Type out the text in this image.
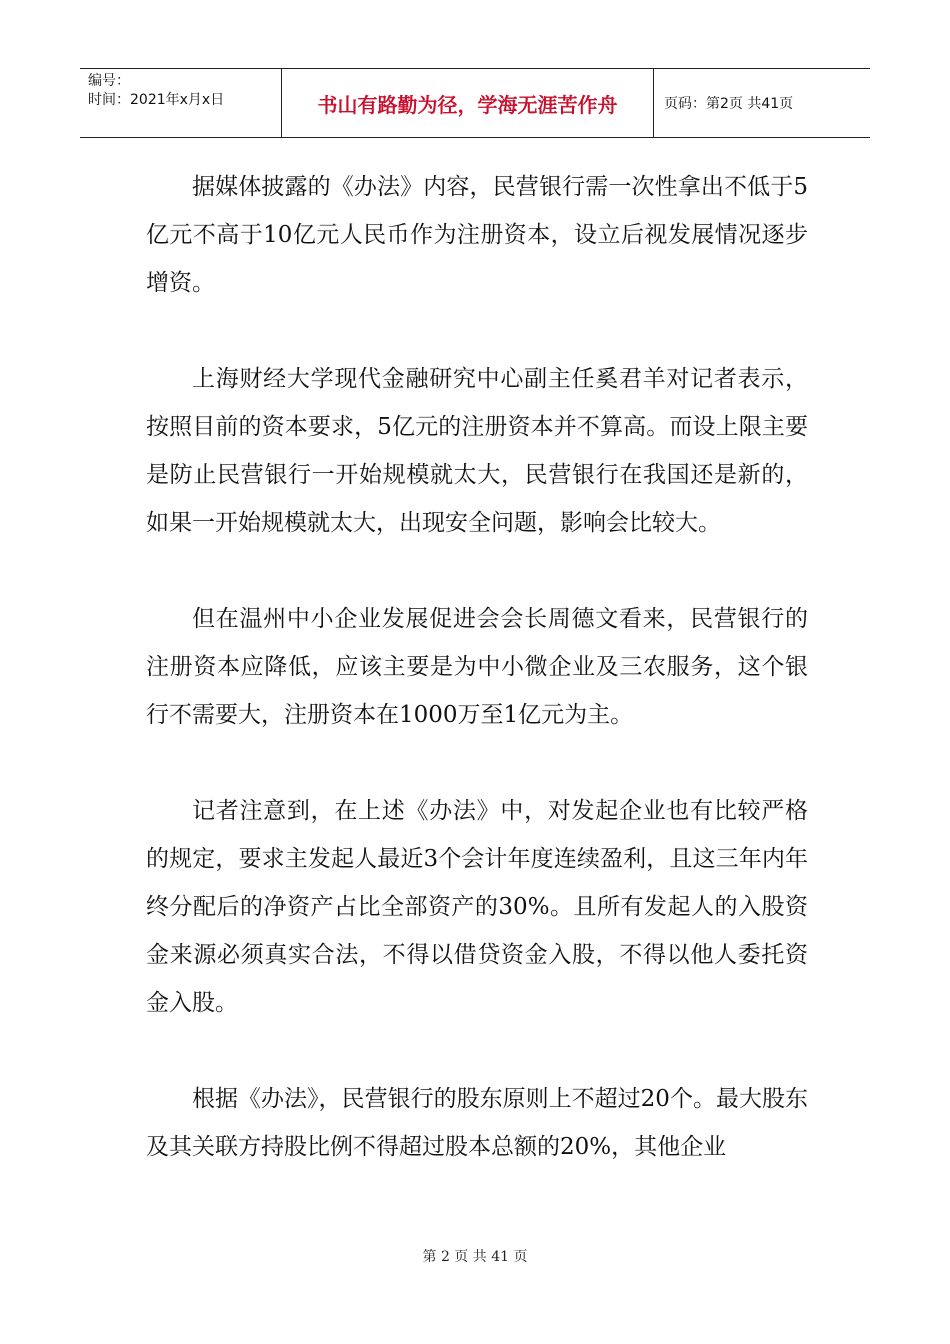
编号：
时间：2021年x月x日	书山有路勤为径，学海无涯苦作舟	页码：第2页 共41页

据媒体披露的《办法》内容，民营银行需一次性拿出不低于5亿元不高于10亿元人民币作为注册资本，设立后视发展情况逐步增资。

上海财经大学现代金融研究中心副主任奚君羊对记者表示，按照目前的资本要求，5亿元的注册资本并不算高。而设上限主要是防止民营银行一开始规模就太大，民营银行在我国还是新的，如果一开始规模就太大，出现安全问题，影响会比较大。

但在温州中小企业发展促进会会长周德文看来，民营银行的注册资本应降低，应该主要是为中小微企业及三农服务，这个银行不需要大，注册资本在1000万至1亿元为主。

记者注意到，在上述《办法》中，对发起企业也有比较严格的规定，要求主发起人最近3个会计年度连续盈利，且这三年内年终分配后的净资产占比全部资产的30%。且所有发起人的入股资金来源必须真实合法，不得以借贷资金入股，不得以他人委托资金入股。

根据《办法》，民营银行的股东原则上不超过20个。最大股东及其关联方持股比例不得超过股本总额的20%，其他企业

第 2 页 共 41 页
